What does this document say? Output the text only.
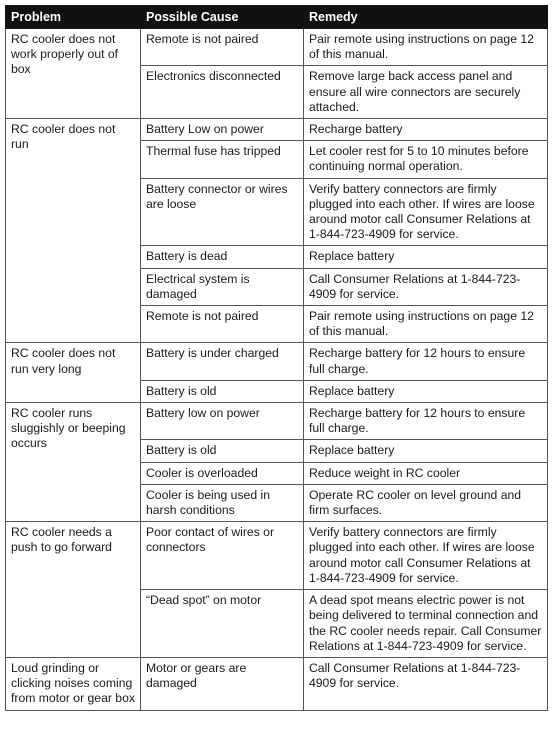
Problem	Possible Cause	Remedy
RC cooler does not work properly out of box	Remote is not paired	Pair remote using instructions on page 12 of this manual.
	Electronics disconnected	Remove large back access panel and ensure all wire connectors are securely attached.
RC cooler does not run	Battery Low on power	Recharge battery
	Thermal fuse has tripped	Let cooler rest for 5 to 10 minutes before continuing normal operation.
	Battery connector or wires are loose	Verify battery connectors are firmly plugged into each other. If wires are loose around motor call Consumer Relations at 1-844-723-4909 for service.
	Battery is dead	Replace battery
	Electrical system is damaged	Call Consumer Relations at 1-844-723-4909 for service.
	Remote is not paired	Pair remote using instructions on page 12 of this manual.
RC cooler does not run very long	Battery is under charged	Recharge battery for 12 hours to ensure full charge.
	Battery is old	Replace battery
RC cooler runs sluggishly or beeping occurs	Battery low on power	Recharge battery for 12 hours to ensure full charge.
	Battery is old	Replace battery
	Cooler is overloaded	Reduce weight in RC cooler
	Cooler is being used in harsh conditions	Operate RC cooler on level ground and firm surfaces.
RC cooler needs a push to go forward	Poor contact of wires or connectors	Verify battery connectors are firmly plugged into each other. If wires are loose around motor call Consumer Relations at 1-844-723-4909 for service.
	“Dead spot” on motor	A dead spot means electric power is not being delivered to terminal connection and the RC cooler needs repair. Call Consumer Relations at 1-844-723-4909 for service.
Loud grinding or clicking noises coming from motor or gear box	Motor or gears are damaged	Call Consumer Relations at 1-844-723-4909 for service.
